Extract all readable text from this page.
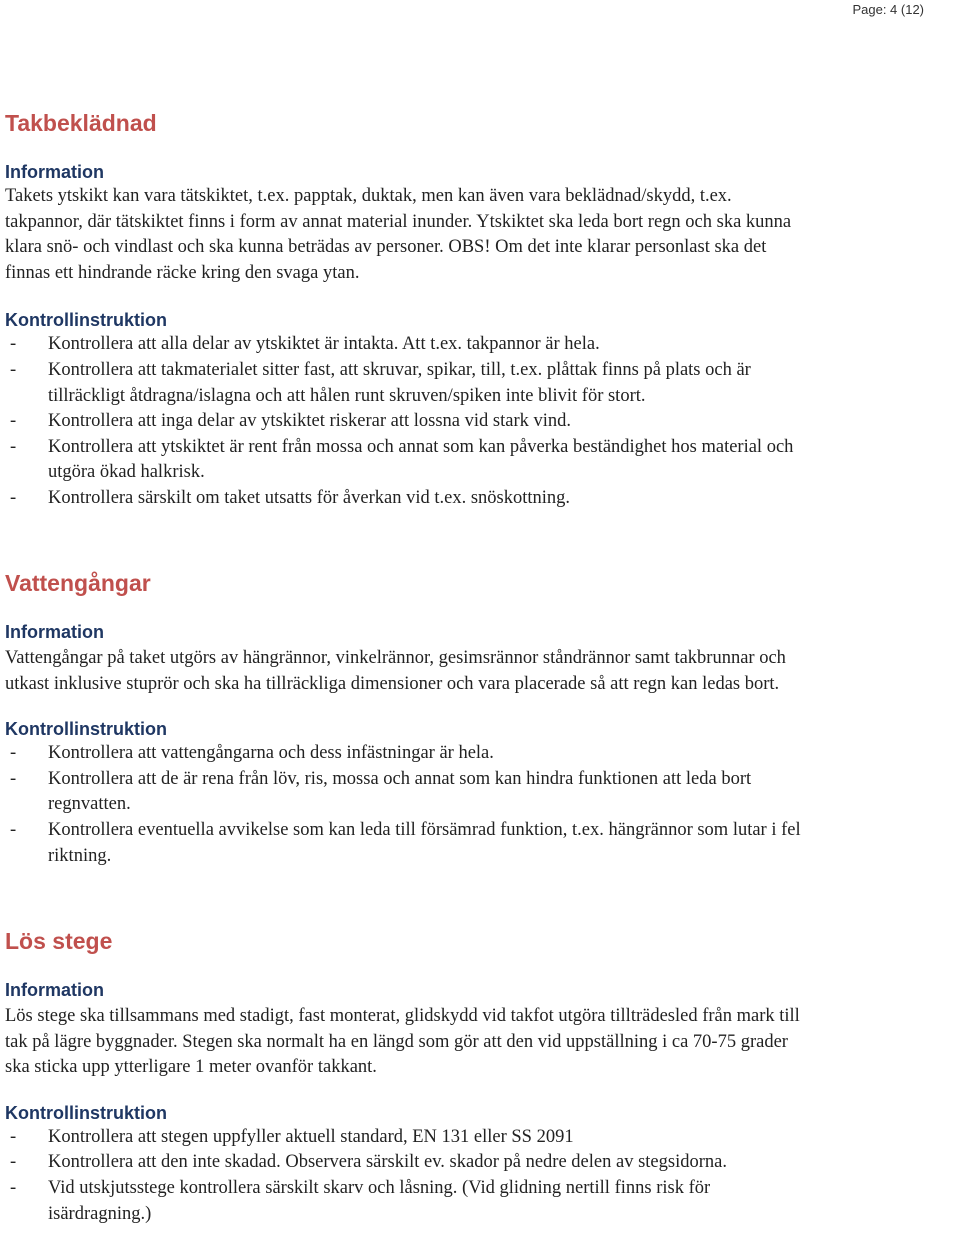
Page: 4 (12)
Takbeklädnad

Information

Takets ytskikt kan vara tätskiktet, t.ex. papptak, duktak, men kan även vara beklädnad/skydd, t.ex.
takpannor, där tätskiktet finns i form av annat material inunder. Ytskiktet ska leda bort regn och ska kunna
klara snö- och vindlast och ska kunna beträdas av personer. OBS! Om det inte klarar personlast ska det
finnas ett hindrande räcke kring den svaga ytan.

Kontrollinstruktion

- Kontrollera att alla delar av ytskiktet är intakta. Att t.ex. takpannor är hela.
- Kontrollera att takmaterialet sitter fast, att skruvar, spikar, till, t.ex. plåttak finns på plats och är
tillräckligt åtdragna/islagna och att hålen runt skruven/spiken inte blivit för stort.
- Kontrollera att inga delar av ytskiktet riskerar att lossna vid stark vind.
- Kontrollera att ytskiktet är rent från mossa och annat som kan påverka beständighet hos material och
utgöra ökad halkrisk.
- Kontrollera särskilt om taket utsatts för åverkan vid t.ex. snöskottning.
Vattengångar

Information

Vattengångar på taket utgörs av hängrännor, vinkelrännor, gesimsrännor ståndrännor samt takbrunnar och
utkast inklusive stuprör och ska ha tillräckliga dimensioner och vara placerade så att regn kan ledas bort.

Kontrollinstruktion

- Kontrollera att vattengångarna och dess infästningar är hela.
- Kontrollera att de är rena från löv, ris, mossa och annat som kan hindra funktionen att leda bort
regnvatten.
- Kontrollera eventuella avvikelse som kan leda till försämrad funktion, t.ex. hängrännor som lutar i fel
riktning.
Lös stege

Information

Lös stege ska tillsammans med stadigt, fast monterat, glidskydd vid takfot utgöra tillträdesled från mark till
tak på lägre byggnader. Stegen ska normalt ha en längd som gör att den vid uppställning i ca 70-75 grader
ska sticka upp ytterligare 1 meter ovanför takkant.

Kontrollinstruktion

- Kontrollera att stegen uppfyller aktuell standard, EN 131 eller SS 2091
- Kontrollera att den inte skadad. Observera särskilt ev. skador på nedre delen av stegsidorna.
- Vid utskjutsstege kontrollera särskilt skarv och låsning. (Vid glidning nertill finns risk för
isärdragning.)
